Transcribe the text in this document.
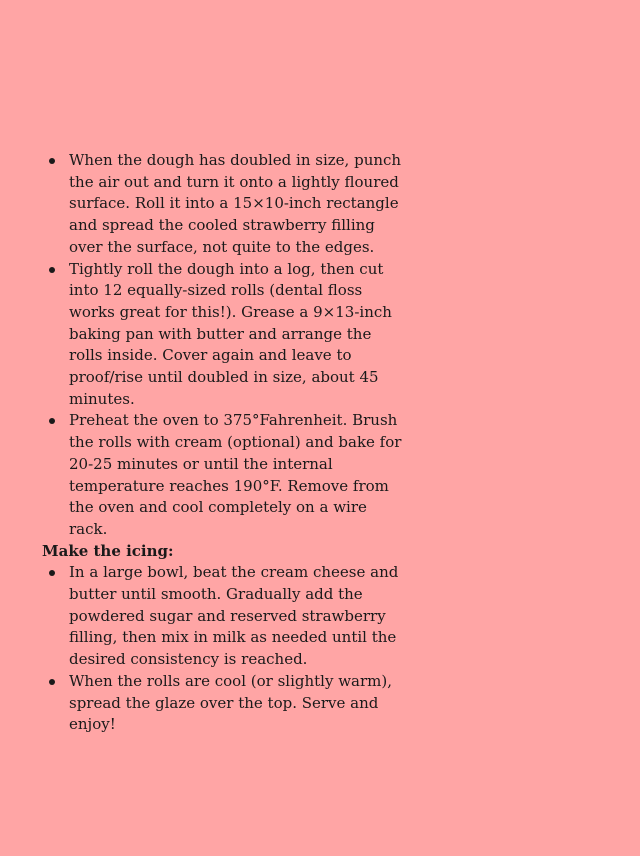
When the dough has doubled in size, punch the air out and turn it onto a lightly floured surface. Roll it into a 15×10-inch rectangle and spread the cooled strawberry filling over the surface, not quite to the edges.
Tightly roll the dough into a log, then cut into 12 equally-sized rolls (dental floss works great for this!). Grease a 9×13-inch baking pan with butter and arrange the rolls inside. Cover again and leave to proof/rise until doubled in size, about 45 minutes.
Preheat the oven to 375°Fahrenheit. Brush the rolls with cream (optional) and bake for 20-25 minutes or until the internal temperature reaches 190°F. Remove from the oven and cool completely on a wire rack.

Make the icing:

In a large bowl, beat the cream cheese and butter until smooth. Gradually add the powdered sugar and reserved strawberry filling, then mix in milk as needed until the desired consistency is reached.
When the rolls are cool (or slightly warm), spread the glaze over the top. Serve and enjoy!
